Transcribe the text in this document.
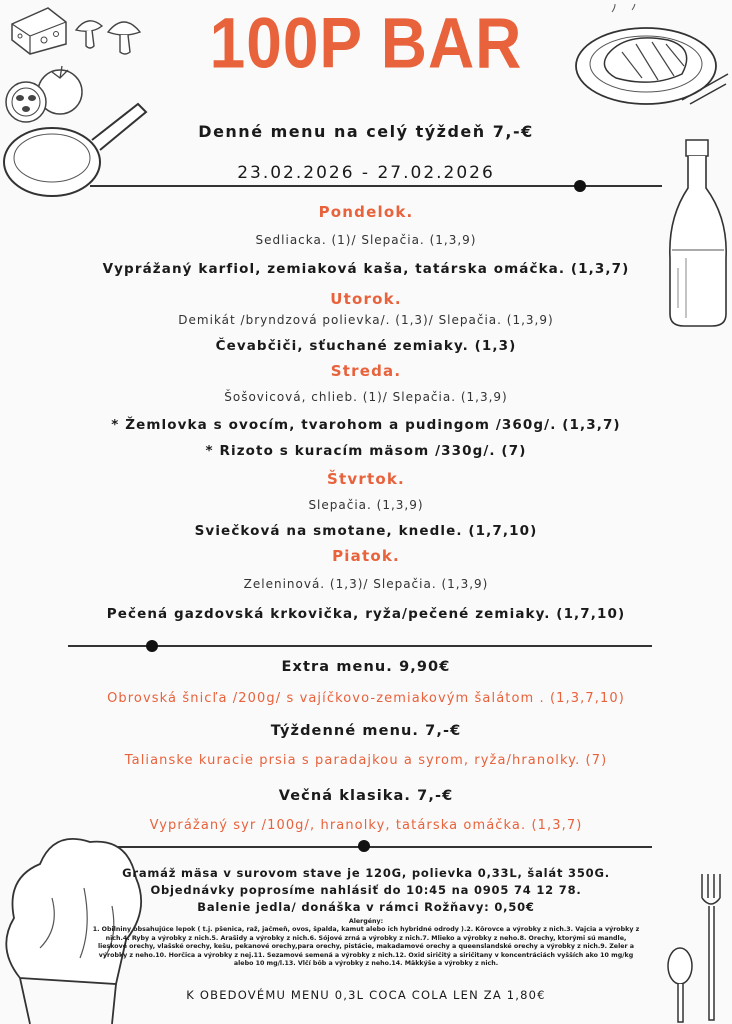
100P BAR
Denné menu na celý týždeň 7,-€
23.02.2026 - 27.02.2026
Pondelok.
Sedliacka. (1)/ Slepačia. (1,3,9)
Vyprážaný karfiol, zemiaková kaša, tatárska omáčka. (1,3,7)
Utorok.
Demikát /bryndzová polievka/. (1,3)/ Slepačia. (1,3,9)
Čevabčiči, sťuchané zemiaky. (1,3)
Streda.
Šošovicová, chlieb. (1)/ Slepačia. (1,3,9)
* Žemlovka s ovocím, tvarohom a pudingom /360g/. (1,3,7)
* Rizoto s kuracím mäsom /330g/. (7)
Štvrtok.
Slepačia. (1,3,9)
Sviečková na smotane, knedle. (1,7,10)
Piatok.
Zeleninová. (1,3)/ Slepačia. (1,3,9)
Pečená gazdovská krkovička, ryža/pečené zemiaky. (1,7,10)
Extra menu. 9,90€
Obrovská šnicľa /200g/ s vajíčkovo-zemiakovým šalátom . (1,3,7,10)
Týždenné menu. 7,-€
Talianske kuracie prsia s paradajkou a syrom, ryža/hranolky. (7)
Večná klasika. 7,-€
Vyprážaný syr /100g/, hranolky, tatárska omáčka. (1,3,7)
Gramáž mäsa v surovom stave je 120G, polievka 0,33L, šalát 350G.
Objednávky poprosíme nahlásiť do 10:45 na 0905 74 12 78.
Balenie jedla/ donáška v rámci Rožňavy: 0,50€
Alergény:
1. Obilniny obsahujúce lepok ( t.j. pšenica, raž, jačmeň, ovos, špalda, kamut alebo ich hybridné odrody ).2. Kôrovce a výrobky z nich.3. Vajcia a výrobky z nich.4. Ryby a výrobky z nich.5. Arašidy a výrobky z nich.6. Sójové zrná a výrobky z nich.7. Mlieko a výrobky z neho.8. Orechy, ktorými sú mandle, lieskové orechy, vlašské orechy, kešu, pekanové orechy,para orechy, pistácie, makadamové orechy a queenslandské orechy a výrobky z nich.9. Zeler a výrobky z neho.10. Horčica a výrobky z nej.11. Sezamové semená a výrobky z nich.12. Oxid siričitý a siričitany v koncentráciách vyšších ako 10 mg/kg alebo 10 mg/l.13. Vlčí bôb a výrobky z neho.14. Mäkkýše a výrobky z nich.
K OBEDOVÉMU MENU 0,3L COCA COLA LEN ZA 1,80€
